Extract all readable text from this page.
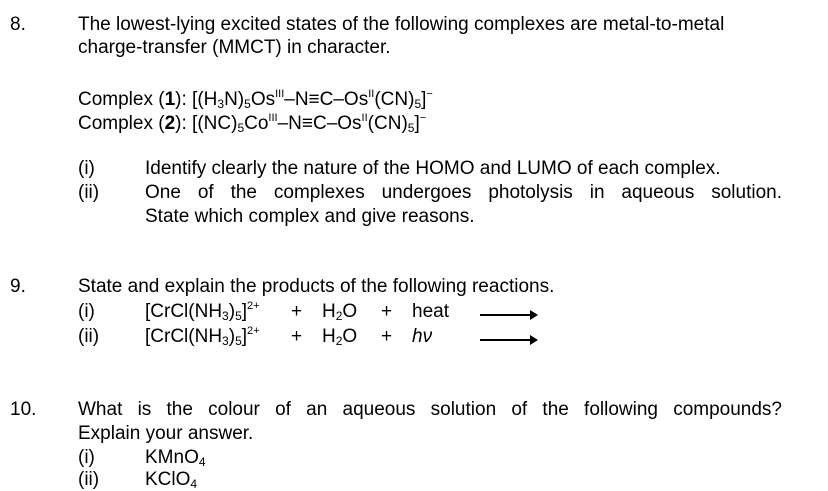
8.	The lowest-lying excited states of the following complexes are metal-to-metal
charge-transfer (MMCT) in character.
Complex (1): $[(H_3N)_5Os^{III}-N\equiv C-Os^{II}(CN)_5]^-$
Complex (2): $[(NC)_5Co^{III}-N\equiv C-Os^{II}(CN)_5]^-$
(i)	Identify clearly the nature of the HOMO and LUMO of each complex.
(ii) One of the complexes undergoes photolysis in aqueous solution.
State which complex and give reasons.
9.	State and explain the products of the following reactions.
(i)	$[CrCl(NH_3)_5]^{2+} + H_2O$ + heat
(ii) $[CrCl(NH_3)_5]^{2+} + H_2O + h\nu$
10. What is the colour of an aqueous solution of the following compounds?
Explain your answer.
(i)	KMnO$_4$
(ii) KClO$_4$
